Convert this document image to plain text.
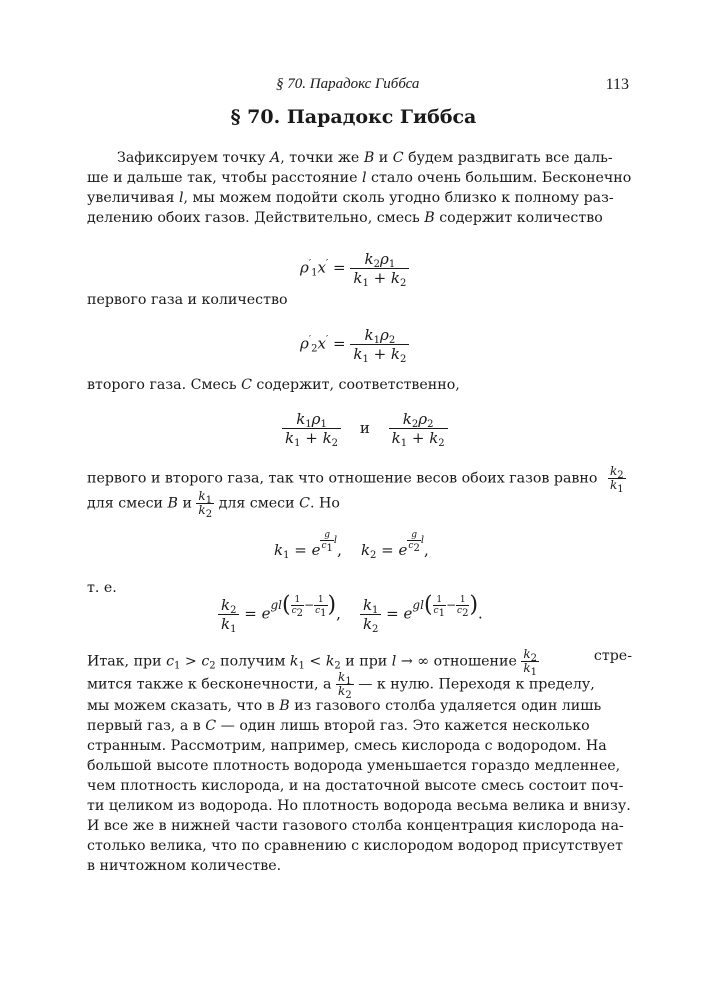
§ 70. Парадокс Гиббса	113
§ 70. Парадокс Гиббса
Зафиксируем точку A, точки же B и C будем раздвигать все даль-
ше и дальше так, чтобы расстояние l стало очень большим. Бесконечно
увеличивая l, мы можем подойти сколь угодно близко к полному раз-
делению обоих газов. Действительно, смесь B содержит количество
$\rho'_1x' = \frac{k_2\rho_1}{k_1 + k_2}$
первого газа и количество
$\rho'_2x' = \frac{k_1\rho_2}{k_1 + k_2}$
второго газа. Смесь C содержит, соответственно,
$\frac{k_1\rho_1}{k_1 + k_2}$ и $\frac{k_2\rho_2}{k_1 + k_2}$
первого и второго газа, так что отношение весов обоих газов равно $\frac{k_2}{k_1}$
для смеси B и $\frac{k_1}{k_2}$ для смеси C. Но
$k_1 = e$ $^{\frac{g}{c_1} l}$,    $k_2 = e$ $^{\frac{g}{c_2} l}$,
т. е.
$\frac{k_2}{k_1} = e^{gl( \frac{1}{c_2} - \frac{1}{c_1} )}$, $\frac{k_1}{k_2} = e^{gl( \frac{1}{c_1} - \frac{1}{c_2} )}$.
Итак, при $c_1 > c_2$ получим $k_1 < k_2$ и при l → ∞ отношение $\frac{k_2}{k_1}$	стре-
мится также к бесконечности, а $\frac{k_1}{k_2}$ — к нулю. Переходя к пределу,
мы можем сказать, что в B из газового столба удаляется один лишь
первый газ, а в C — один лишь второй газ. Это кажется несколько
странным. Рассмотрим, например, смесь кислорода с водородом. На
большой высоте плотность водорода уменьшается гораздо медленнее,
чем плотность кислорода, и на достаточной высоте смесь состоит поч-
ти целиком из водорода. Но плотность водорода весьма велика и внизу.
И все же в нижней части газового столба концентрация кислорода на-
столько велика, что по сравнению с кислородом водород присутствует
в ничтожном количестве.
